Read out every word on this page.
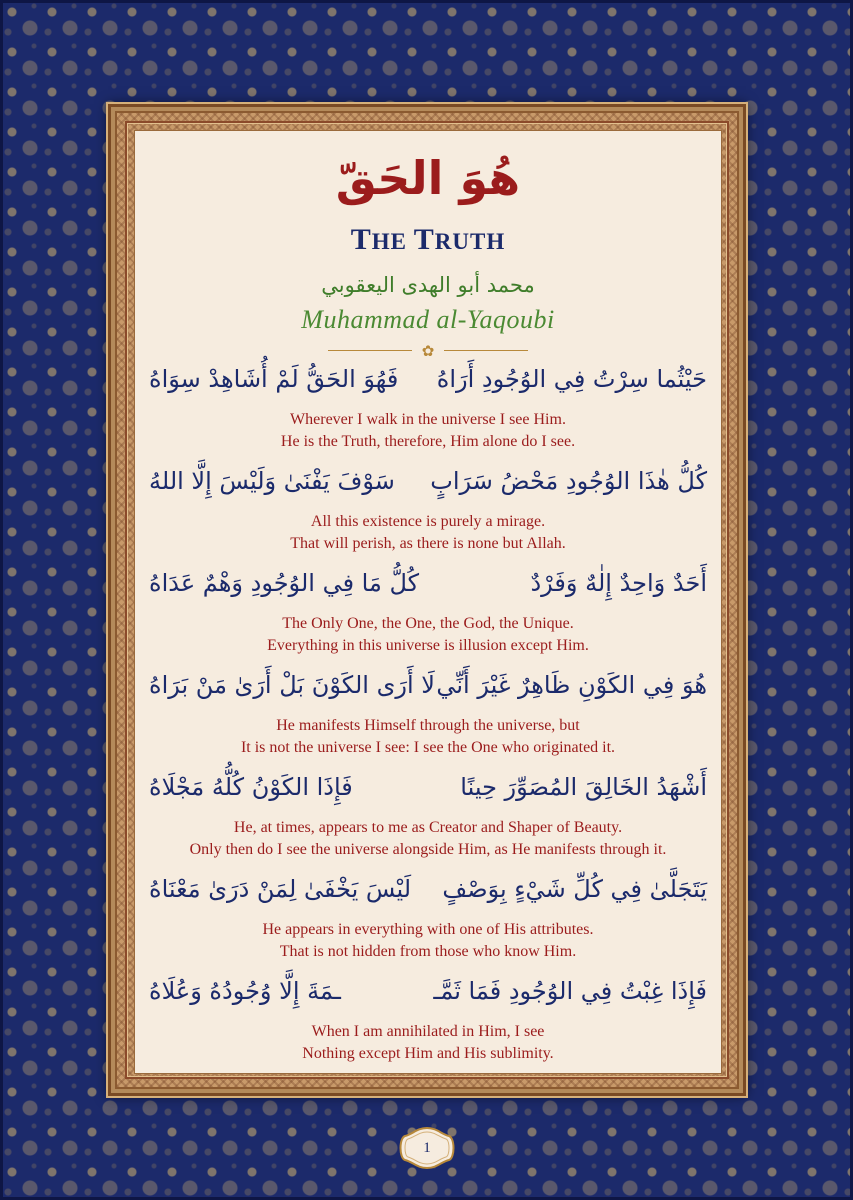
هُوَ الحَقّ
THE TRUTH
محمد أبو الهدى اليعقوبي
Muhammad al-Yaqoubi
✿
حَيْثُما سِرْتُ فِي الوُجُودِ أَرَاهُ
فَهُوَ الحَقُّ لَمْ أُشَاهِدْ سِوَاهُ
Wherever I walk in the universe I see Him.
He is the Truth, therefore, Him alone do I see.
كُلُّ هٰذَا الوُجُودِ مَحْضُ سَرَابٍ
سَوْفَ يَفْنَىٰ وَلَيْسَ إِلَّا اللهُ
All this existence is purely a mirage.
That will perish, as there is none but Allah.
أَحَدٌ وَاحِدٌ إِلٰهٌ وَفَرْدٌ
كُلُّ مَا فِي الوُجُودِ وَهْمٌ عَدَاهُ
The Only One, the One, the God, the Unique.
Everything in this universe is illusion except Him.
هُوَ فِي الكَوْنِ ظَاهِرٌ غَيْرَ أَنِّي
لَا أَرَى الكَوْنَ بَلْ أَرَىٰ مَنْ بَرَاهُ
He manifests Himself through the universe, but
It is not the universe I see: I see the One who originated it.
أَشْهَدُ الخَالِقَ المُصَوِّرَ حِينًا
فَإِذَا الكَوْنُ كُلُّهُ مَجْلَاهُ
He, at times, appears to me as Creator and Shaper of Beauty.
Only then do I see the universe alongside Him, as He manifests through it.
يَتَجَلَّىٰ فِي كُلِّ شَيْءٍ بِوَصْفٍ
لَيْسَ يَخْفَىٰ لِمَنْ دَرَىٰ مَعْنَاهُ
He appears in everything with one of His attributes.
That is not hidden from those who know Him.
فَإِذَا غِبْتُ فِي الوُجُودِ فَمَا ثَمَّـ
ـمَةَ إِلَّا وُجُودُهُ وَعُلَاهُ
When I am annihilated in Him, I see
Nothing except Him and His sublimity.
1
